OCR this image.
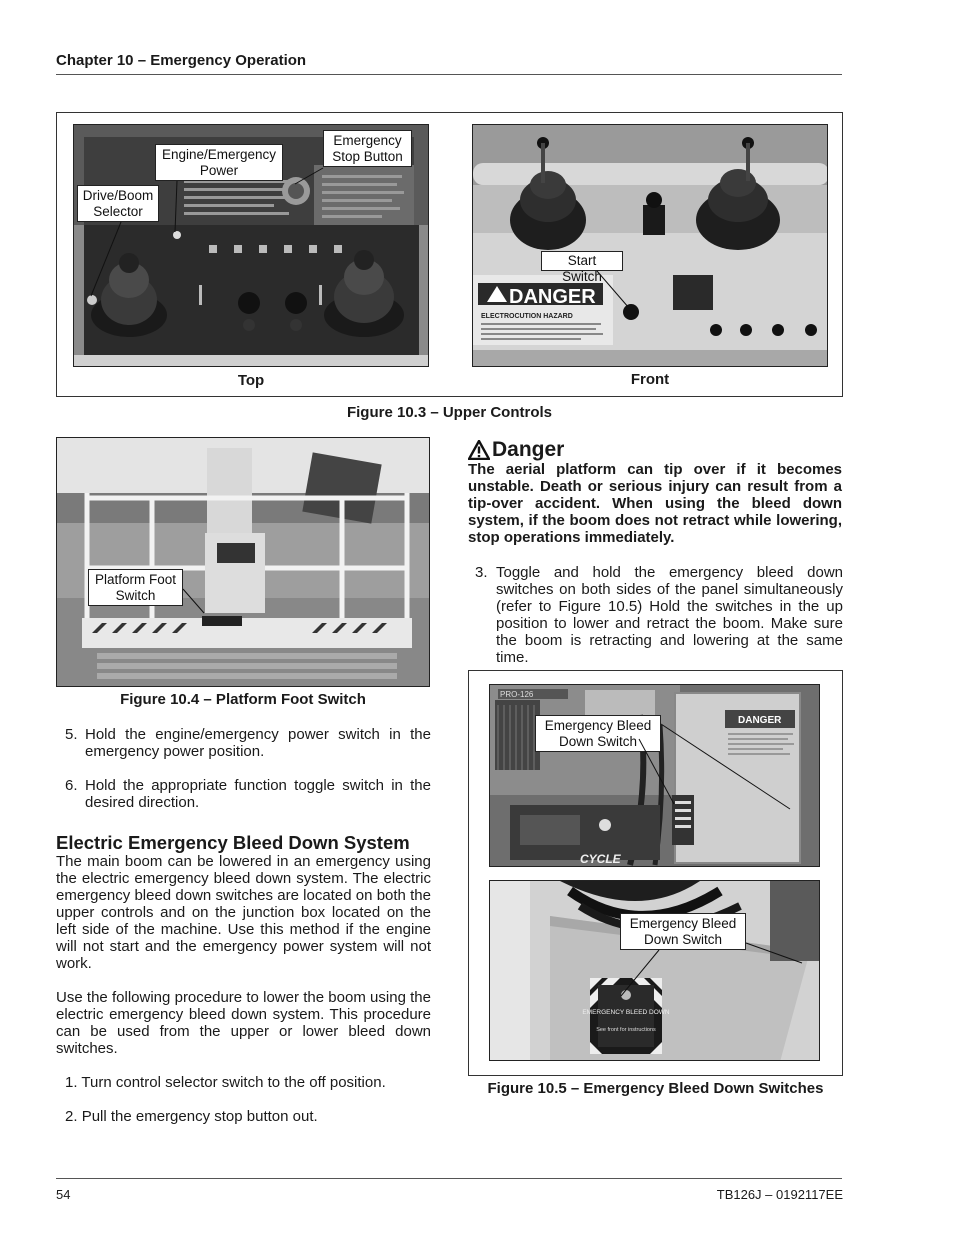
Chapter 10 – Emergency Operation
Engine/Emergency Power
Emergency Stop Button
Drive/Boom Selector
Top
DANGER
ELECTROCUTION HAZARD
Start Switch
Front
Figure 10.3 – Upper Controls
Platform Foot Switch
Figure 10.4 – Platform Foot Switch
5. Hold the engine/emergency power switch in the emergency power position.
6. Hold the appropriate function toggle switch in the desired direction.
Electric Emergency Bleed Down System
The main boom can be lowered in an emergency using the electric emergency bleed down system. The electric emergency bleed down switches are located on both the upper controls and on the junction box located on the left side of the machine. Use this method if the engine will not start and the emergency power system will not work.
Use the following procedure to lower the boom using the electric emergency bleed down system. This procedure can be used from the upper or lower bleed down switches.
1. Turn control selector switch to the off position.
2. Pull the emergency stop button out.
Danger
The aerial platform can tip over if it becomes unstable. Death or serious injury can result from a tip-over accident. When using the bleed down system, if the boom does not retract while lowering, stop operations immediately.
3. Toggle and hold the emergency bleed down switches on both sides of the panel simultaneously (refer to Figure 10.5) Hold the switches in the up position to lower and retract the boom. Make sure the boom is retracting and lowering at the same time.
PRO-126
DANGER
CYCLE
Emergency Bleed Down Switch
EMERGENCY BLEED DOWN
See front for instructions
Emergency Bleed Down Switch
Figure 10.5 – Emergency Bleed Down Switches
54	TB126J – 0192117EE
